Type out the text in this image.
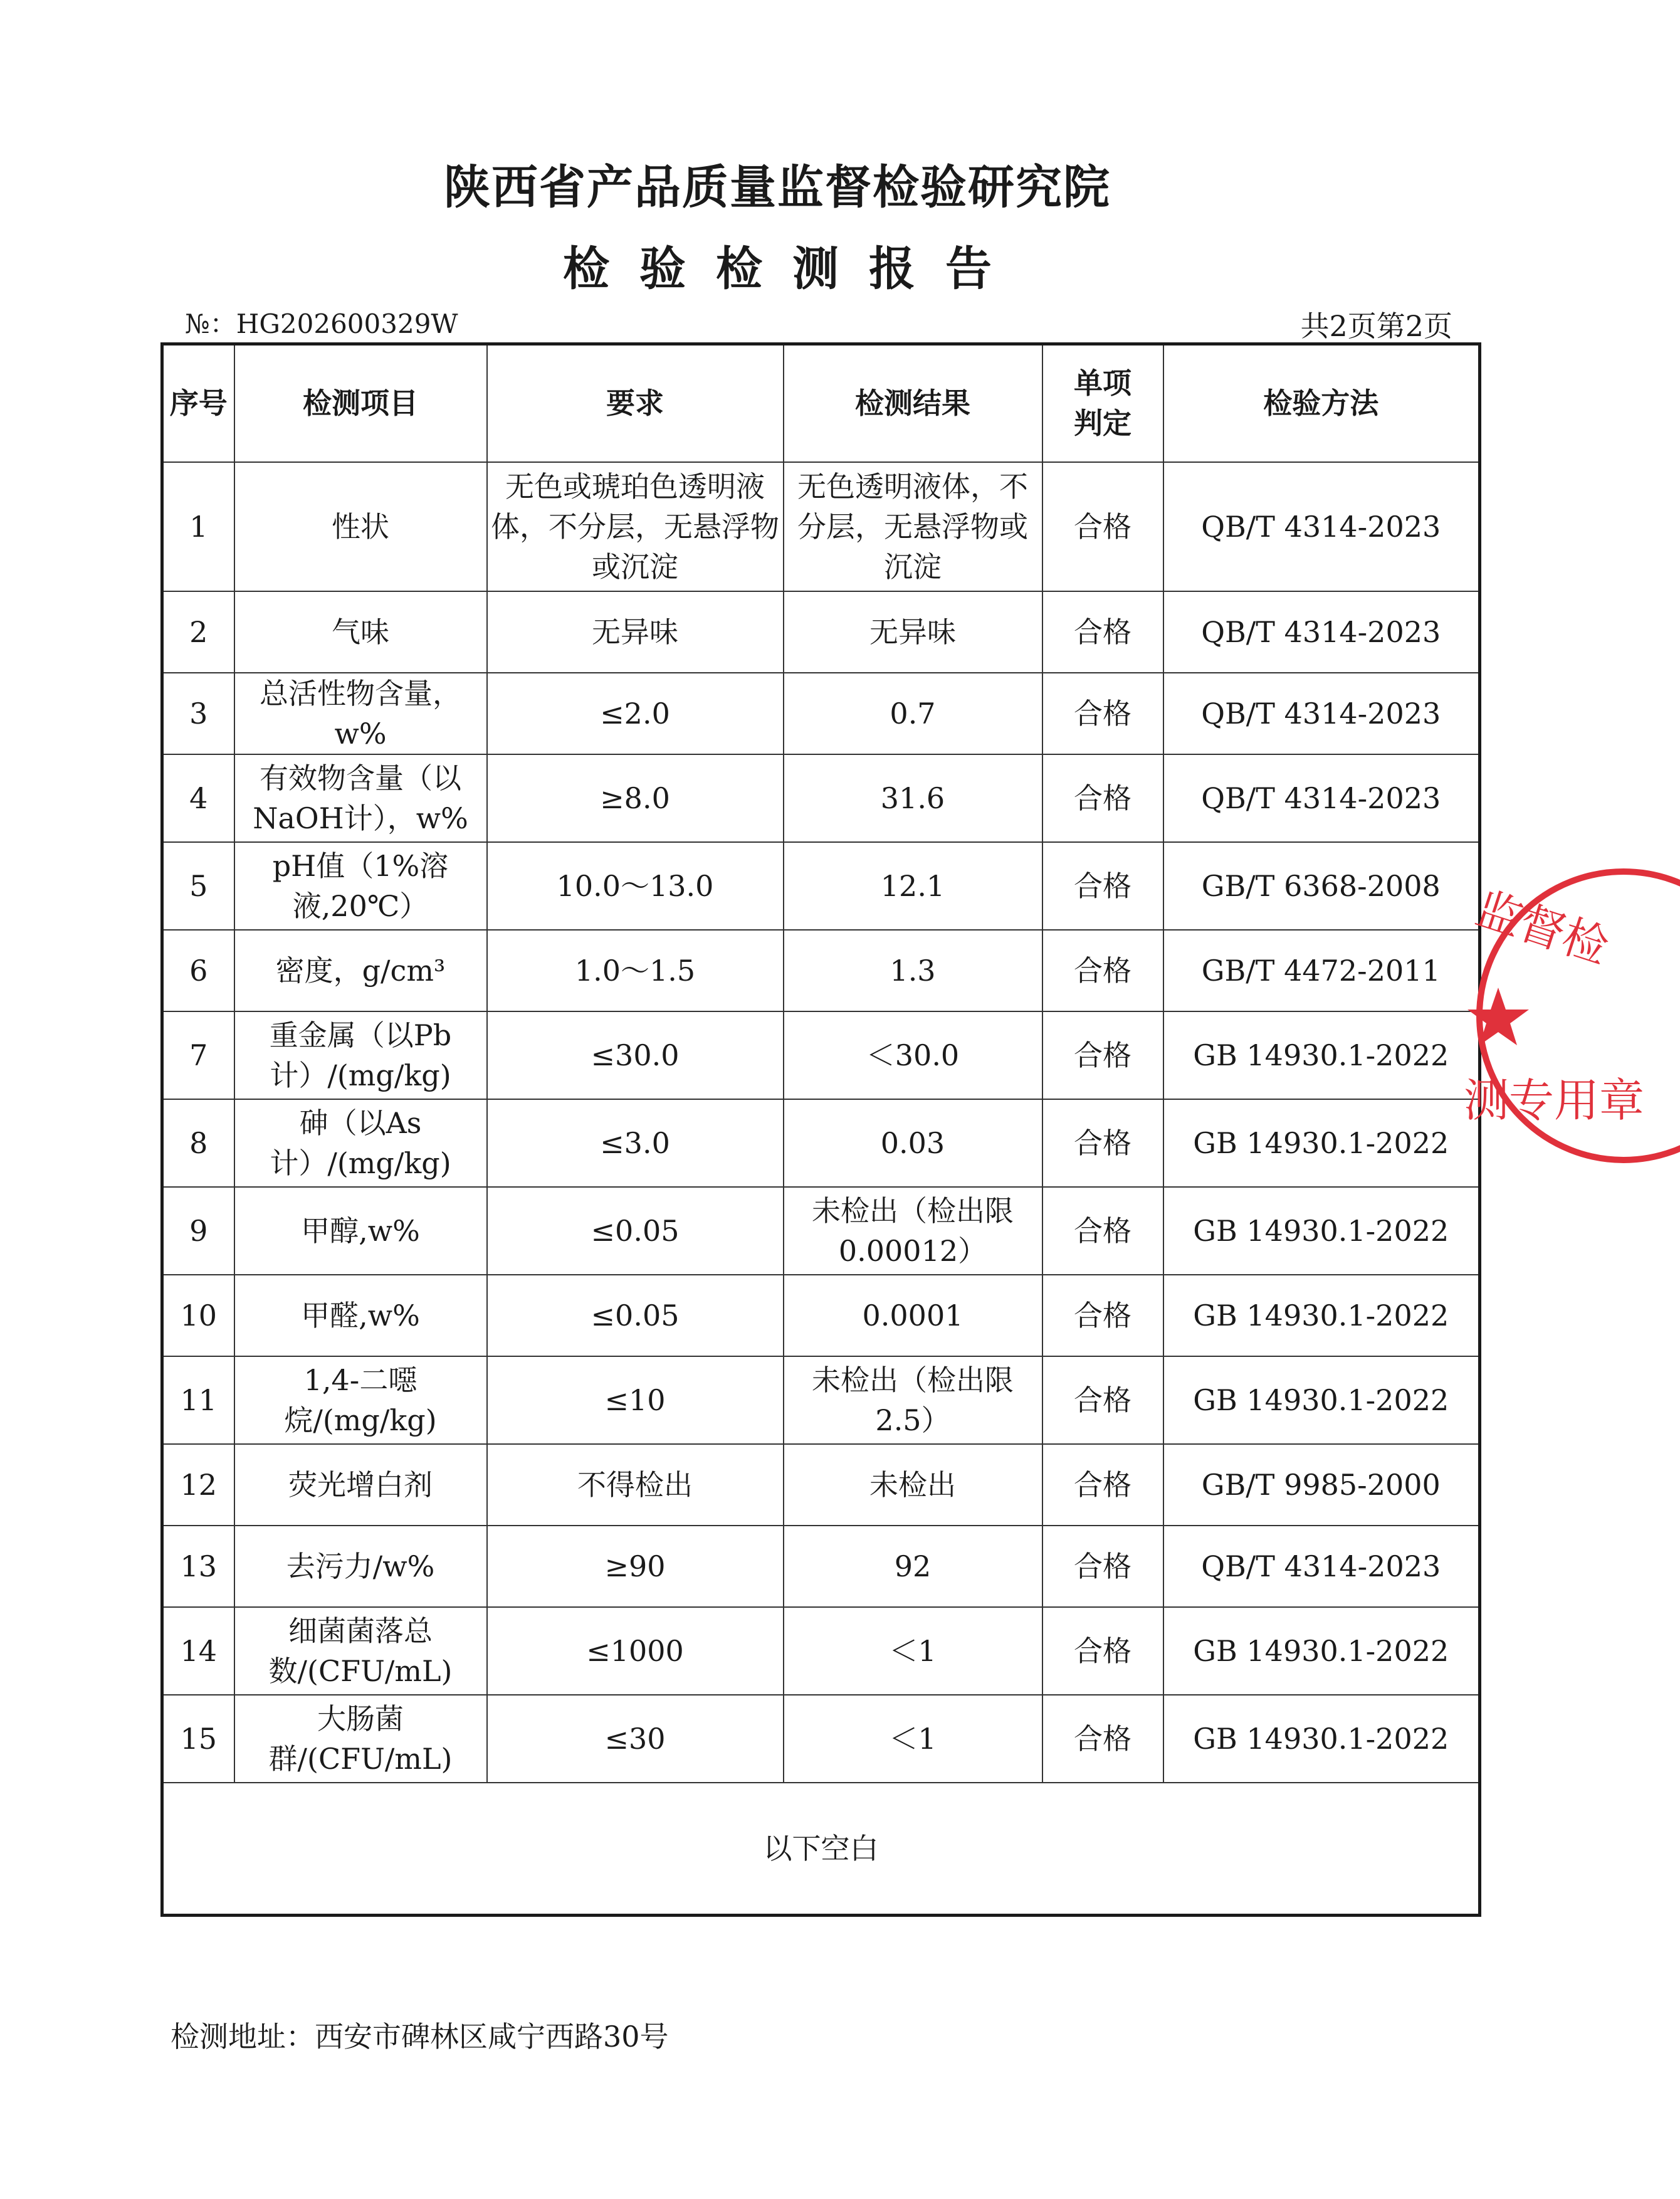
陕西省产品质量监督检验研究院
检验检测报告
№：HG202600329W	共2页第2页
序号	检测项目	要求	检测结果	单项判定	检验方法
1	性状	无色或琥珀色透明液体，不分层，无悬浮物或沉淀	无色透明液体，不分层，无悬浮物或沉淀	合格	QB/T 4314-2023
2	气味	无异味	无异味	合格	QB/T 4314-2023
3	总活性物含量，w%	≤2.0	0.7	合格	QB/T 4314-2023
4	有效物含量（以NaOH计），w%	≥8.0	31.6	合格	QB/T 4314-2023
5	pH值（1%溶液,20℃）	10.0～13.0	12.1	合格	GB/T 6368-2008
6	密度，g/cm³	1.0～1.5	1.3	合格	GB/T 4472-2011
7	重金属（以Pb计）/(mg/kg)	≤30.0	＜30.0	合格	GB 14930.1-2022
8	砷（以As计）/(mg/kg)	≤3.0	0.03	合格	GB 14930.1-2022
9	甲醇,w%	≤0.05	未检出（检出限0.00012）	合格	GB 14930.1-2022
10	甲醛,w%	≤0.05	0.0001	合格	GB 14930.1-2022
11	1,4-二噁烷/(mg/kg)	≤10	未检出（检出限2.5）	合格	GB 14930.1-2022
12	荧光增白剂	不得检出	未检出	合格	GB/T 9985-2000
13	去污力/w%	≥90	92	合格	QB/T 4314-2023
14	细菌菌落总数/(CFU/mL)	≤1000	＜1	合格	GB 14930.1-2022
15	大肠菌群/(CFU/mL)	≤30	＜1	合格	GB 14930.1-2022
以下空白					
检测地址：西安市碑林区咸宁西路30号
监督检
测专用章
